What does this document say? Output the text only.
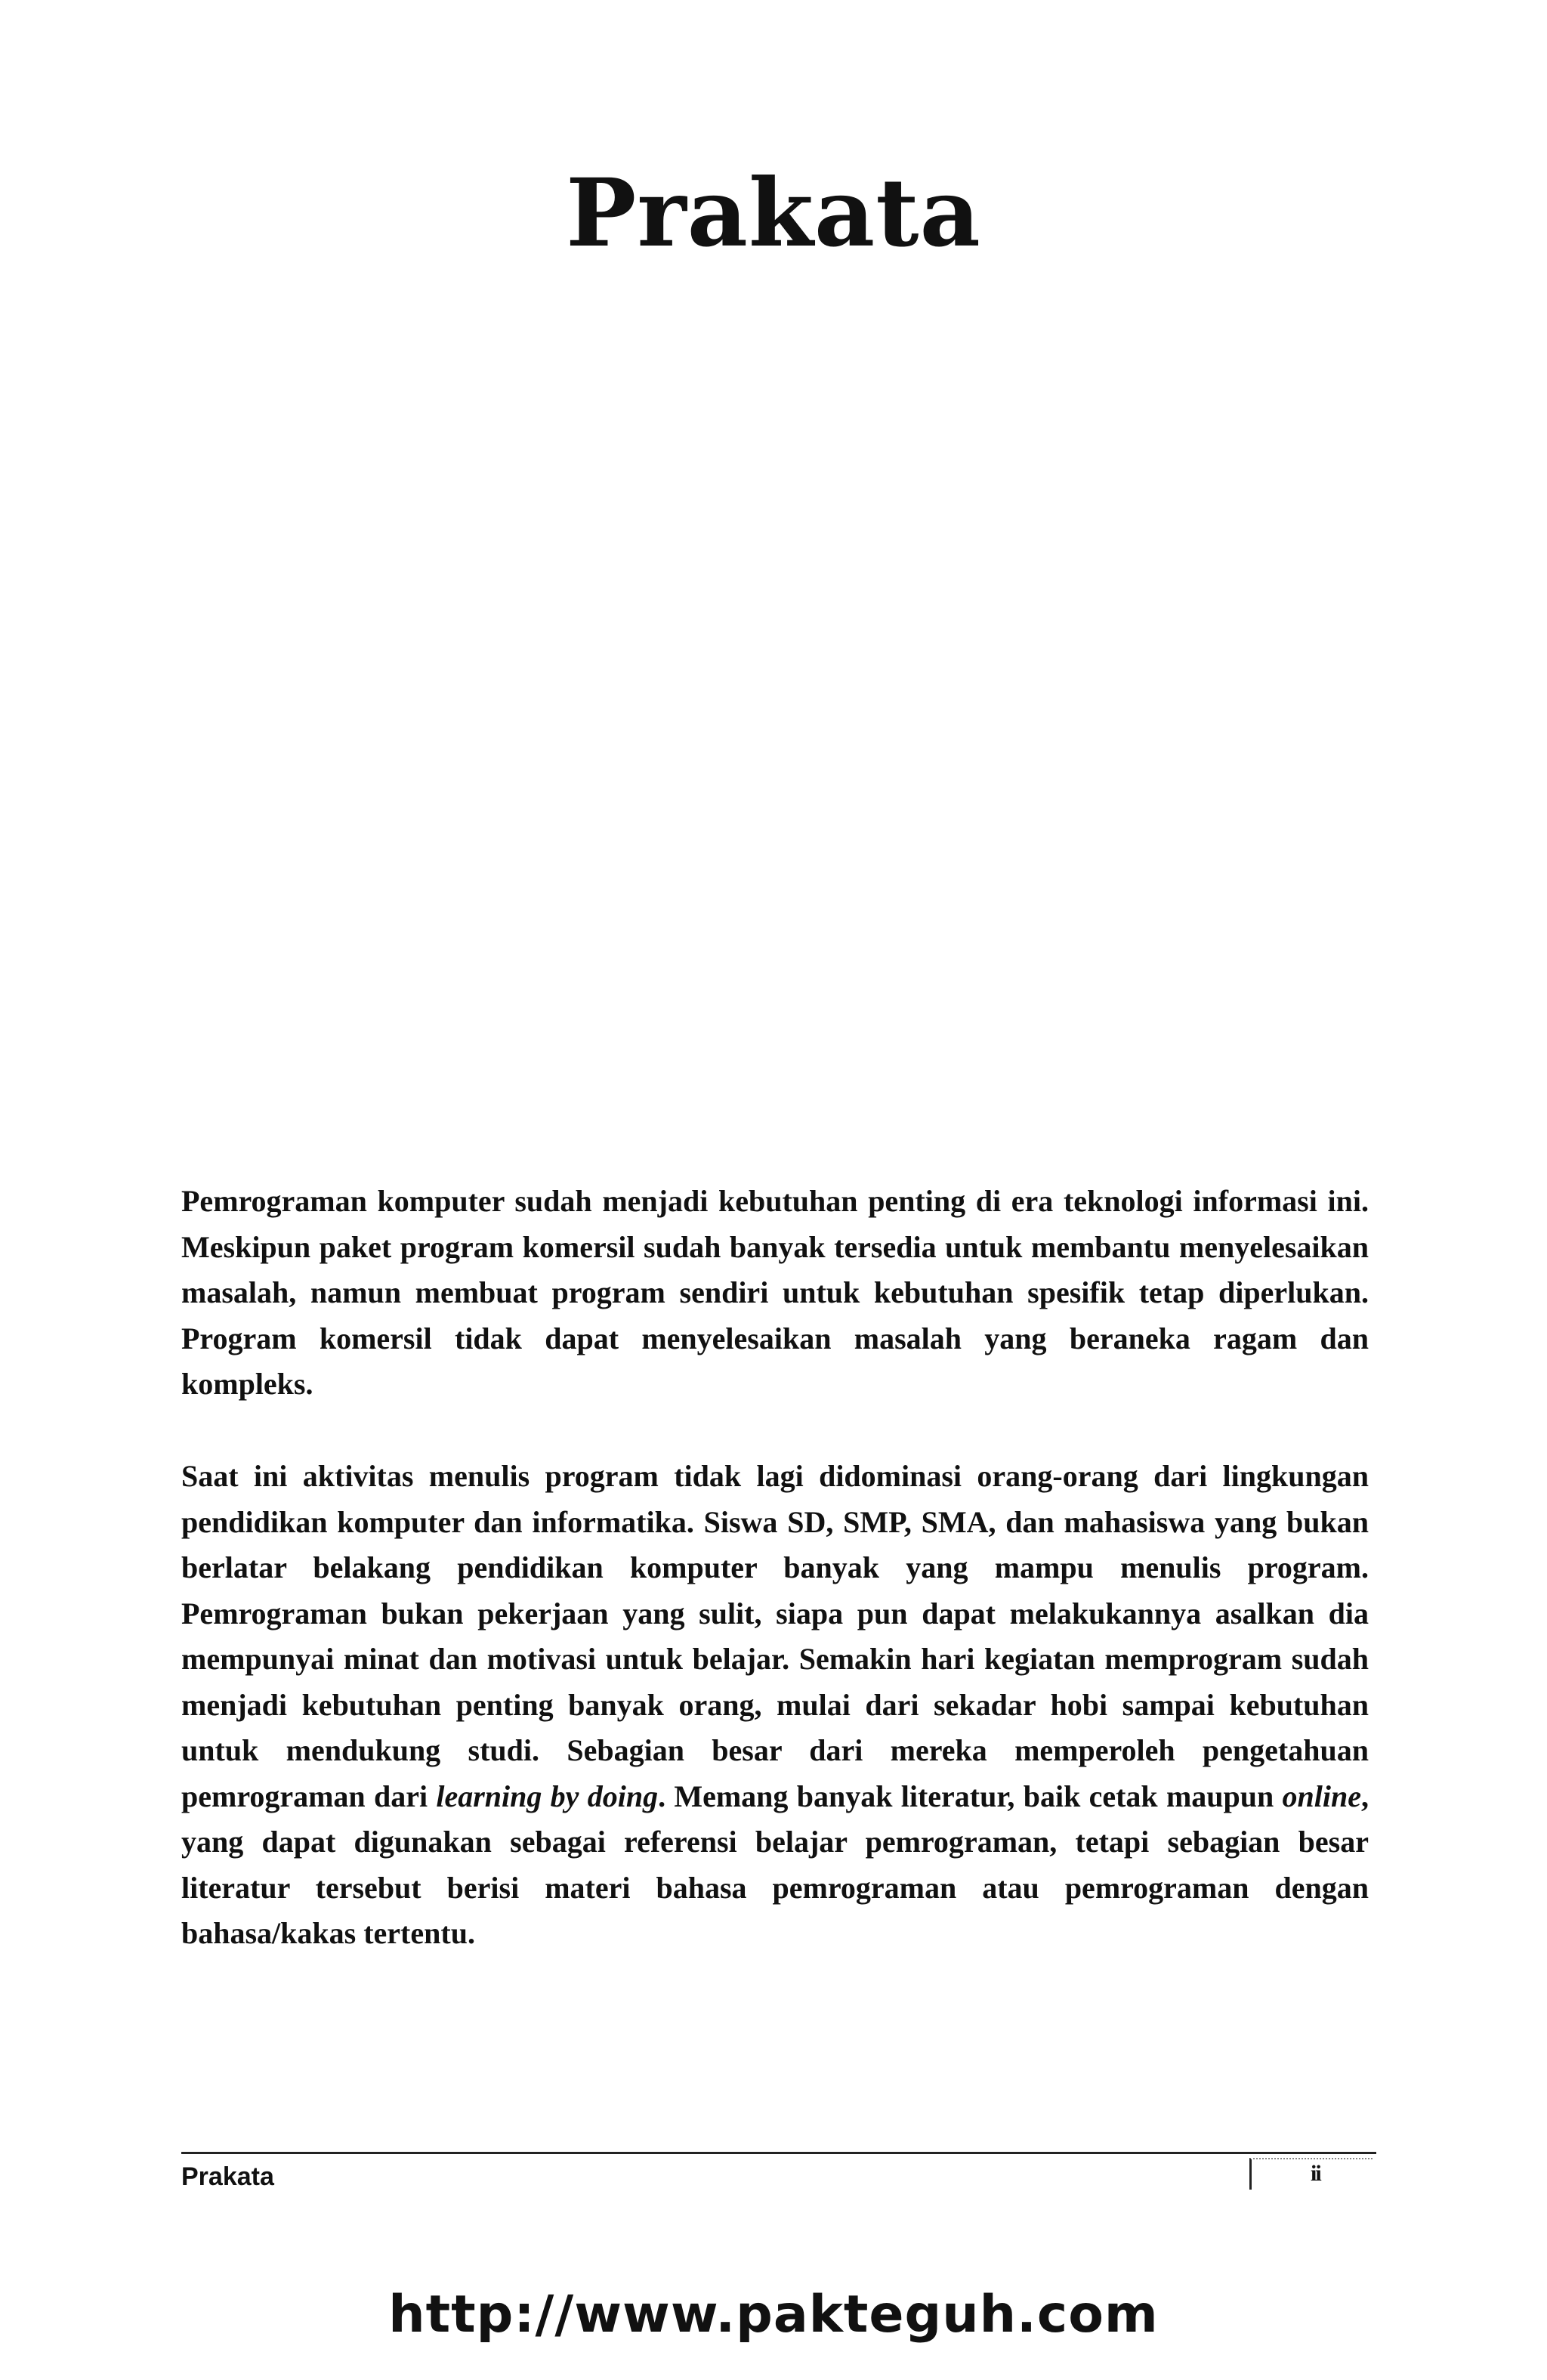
Prakata

Pemrograman komputer sudah menjadi kebutuhan penting di era teknologi informasi ini. Meskipun paket program komersil sudah banyak tersedia untuk membantu menyelesaikan masalah, namun membuat program sendiri untuk kebutuhan spesifik tetap diperlukan. Program komersil tidak dapat menyelesaikan masalah yang beraneka ragam dan kompleks.

Saat ini aktivitas menulis program tidak lagi didominasi orang-orang dari lingkungan pendidikan komputer dan informatika. Siswa SD, SMP, SMA, dan mahasiswa yang bukan berlatar belakang pendidikan komputer banyak yang mampu menulis program. Pemrograman bukan pekerjaan yang sulit, siapa pun dapat melakukannya asalkan dia mempunyai minat dan motivasi untuk belajar. Semakin hari kegiatan memprogram sudah menjadi kebutuhan penting banyak orang, mulai dari sekadar hobi sampai kebutuhan untuk mendukung studi. Sebagian besar dari mereka memperoleh pengetahuan pemrograman dari learning by doing. Memang banyak literatur, baik cetak maupun online, yang dapat digunakan sebagai referensi belajar pemrograman, tetapi sebagian besar literatur tersebut berisi materi bahasa pemrograman atau pemrograman dengan bahasa/kakas tertentu.

Prakata	ii
http://www.pakteguh.com
